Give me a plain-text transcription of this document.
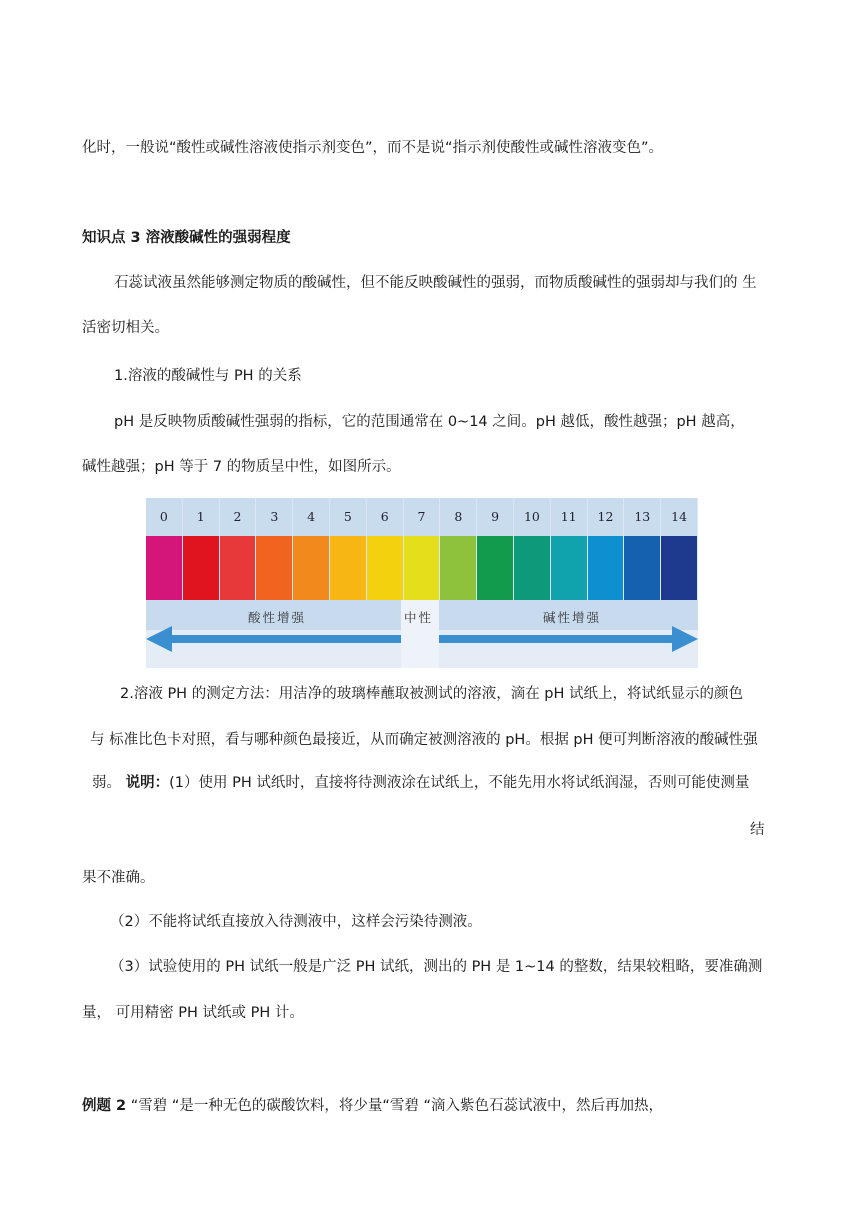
化时，一般说“酸性或碱性溶液使指示剂变色”，而不是说“指示剂使酸性或碱性溶液变色”。
知识点 3 溶液酸碱性的强弱程度
石蕊试液虽然能够测定物质的酸碱性，但不能反映酸碱性的强弱，而物质酸碱性的强弱却与我们的 生
活密切相关。
1.溶液的酸碱性与 PH 的关系
pH 是反映物质酸碱性强弱的指标，它的范围通常在 0~14 之间。pH 越低，酸性越强；pH 越高，
碱性越强；pH 等于 7 的物质呈中性，如图所示。
0	1	2	3	4	5	6	7	8	9	10	11	12	13	14
酸性增强	中性	碱性增强
2.溶液 PH 的测定方法：用洁净的玻璃棒蘸取被测试的溶液，滴在 pH 试纸上，将试纸显示的颜色
与 标准比色卡对照，看与哪种颜色最接近，从而确定被测溶液的 pH。根据 pH 便可判断溶液的酸碱性强
弱。 说明：(1）使用 PH 试纸时，直接将待测液涂在试纸上，不能先用水将试纸润湿，否则可能使测量
结
果不准确。
（2）不能将试纸直接放入待测液中，这样会污染待测液。
（3）试验使用的 PH 试纸一般是广泛 PH 试纸，测出的 PH 是 1~14 的整数，结果较粗略，要准确测
量， 可用精密 PH 试纸或 PH 计。
例题 2 “雪碧 “是一种无色的碳酸饮料，将少量“雪碧 “滴入紫色石蕊试液中，然后再加热，
